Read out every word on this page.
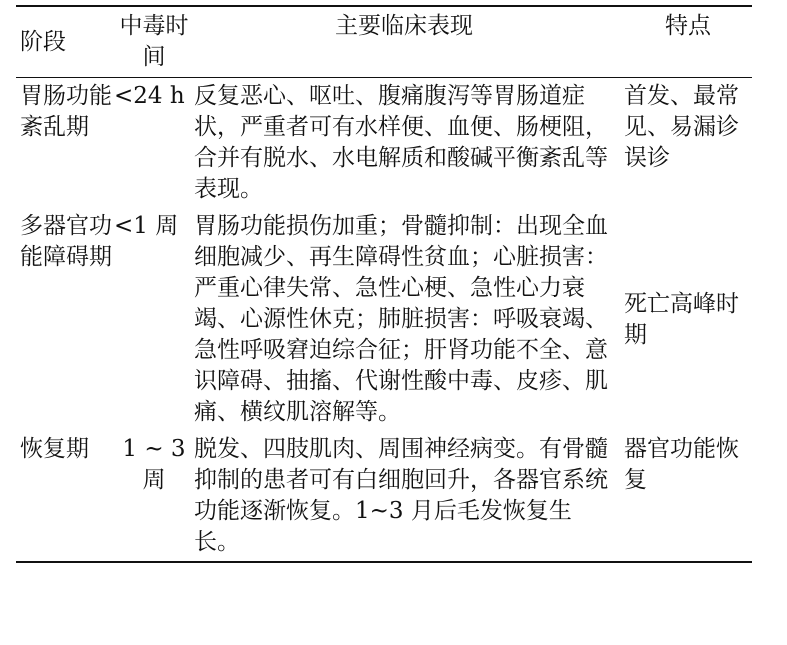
阶段	中毒时间	主要临床表现	特点
胃肠功能紊乱期	<24 h	反复恶心、呕吐、腹痛腹泻等胃肠道症状，严重者可有水样便、血便、肠梗阻，合并有脱水、水电解质和酸碱平衡紊乱等表现。	首发、最常见、易漏诊误诊
多器官功能障碍期	<1 周	胃肠功能损伤加重；骨髓抑制：出现全血细胞减少、再生障碍性贫血；心脏损害：严重心律失常、急性心梗、急性心力衰竭、心源性休克；肺脏损害：呼吸衰竭、急性呼吸窘迫综合征；肝肾功能不全、意识障碍、抽搐、代谢性酸中毒、皮疹、肌痛、横纹肌溶解等。	死亡高峰时期
恢复期	1 ~ 3 周	脱发、四肢肌肉、周围神经病变。有骨髓抑制的患者可有白细胞回升，各器官系统功能逐渐恢复。1~3 月后毛发恢复生长。	器官功能恢复
